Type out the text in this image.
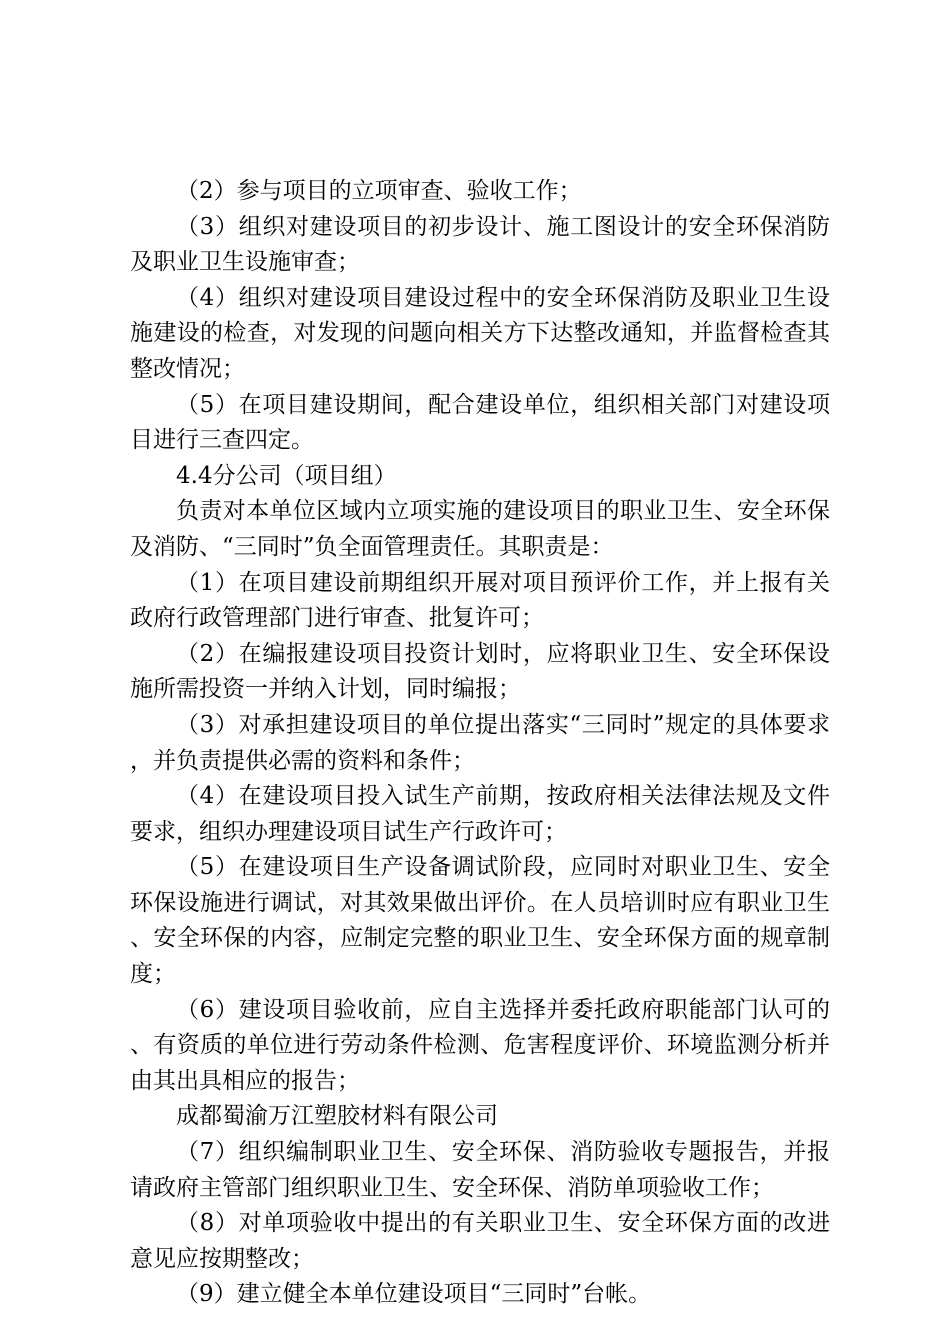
（2）参与项目的立项审查、验收工作；

（3）组织对建设项目的初步设计、施工图设计的安全环保消防及职业卫生设施审查；

（4）组织对建设项目建设过程中的安全环保消防及职业卫生设施建设的检查，对发现的问题向相关方下达整改通知，并监督检查其整改情况；

（5）在项目建设期间，配合建设单位，组织相关部门对建设项目进行三查四定。

4.4分公司（项目组）

负责对本单位区域内立项实施的建设项目的职业卫生、安全环保及消防、“三同时”负全面管理责任。其职责是：

（1）在项目建设前期组织开展对项目预评价工作，并上报有关政府行政管理部门进行审查、批复许可；

（2）在编报建设项目投资计划时，应将职业卫生、安全环保设施所需投资一并纳入计划，同时编报；

（3）对承担建设项目的单位提出落实“三同时”规定的具体要求，并负责提供必需的资料和条件；

（4）在建设项目投入试生产前期，按政府相关法律法规及文件要求，组织办理建设项目试生产行政许可；

（5）在建设项目生产设备调试阶段，应同时对职业卫生、安全环保设施进行调试，对其效果做出评价。在人员培训时应有职业卫生、安全环保的内容，应制定完整的职业卫生、安全环保方面的规章制度；

（6）建设项目验收前，应自主选择并委托政府职能部门认可的、有资质的单位进行劳动条件检测、危害程度评价、环境监测分析并由其出具相应的报告；

成都蜀渝万江塑胶材料有限公司

（7）组织编制职业卫生、安全环保、消防验收专题报告，并报请政府主管部门组织职业卫生、安全环保、消防单项验收工作；

（8）对单项验收中提出的有关职业卫生、安全环保方面的改进意见应按期整改；

（9）建立健全本单位建设项目“三同时”台帐。
